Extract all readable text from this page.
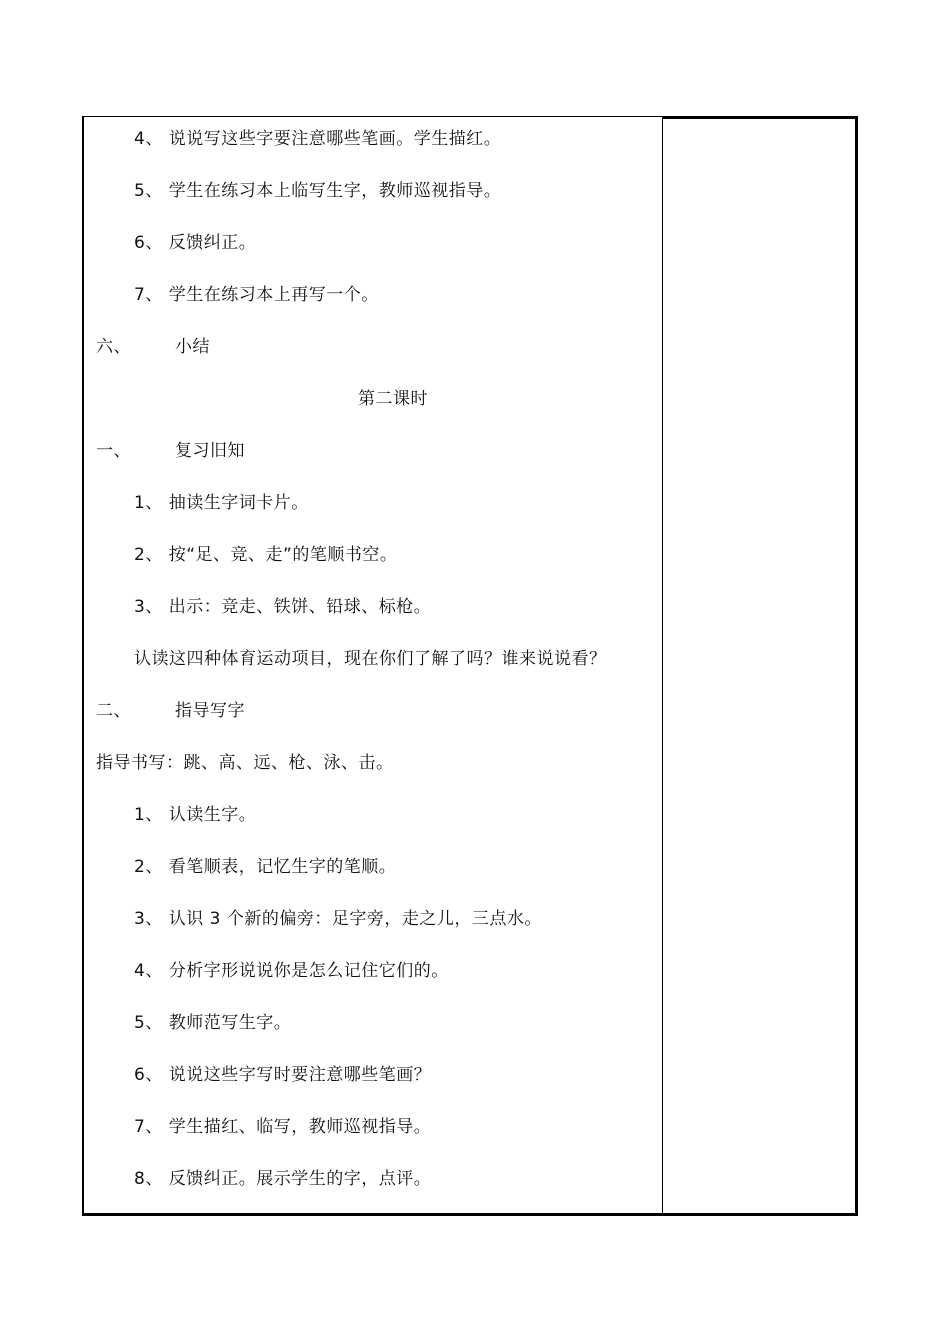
4、 说说写这些字要注意哪些笔画。学生描红。
5、 学生在练习本上临写生字，教师巡视指导。
6、 反馈纠正。
7、 学生在练习本上再写一个。
六、	小结
第二课时
一、	复习旧知
1、 抽读生字词卡片。
2、 按“足、竞、走”的笔顺书空。
3、 出示：竞走、铁饼、铅球、标枪。
认读这四种体育运动项目，现在你们了解了吗？谁来说说看？
二、	指导写字
指导书写：跳、高、远、枪、泳、击。
1、 认读生字。
2、 看笔顺表，记忆生字的笔顺。
3、 认识 3 个新的偏旁：足字旁，走之儿，三点水。
4、 分析字形说说你是怎么记住它们的。
5、 教师范写生字。
6、 说说这些字写时要注意哪些笔画？
7、 学生描红、临写，教师巡视指导。
8、 反馈纠正。展示学生的字，点评。
